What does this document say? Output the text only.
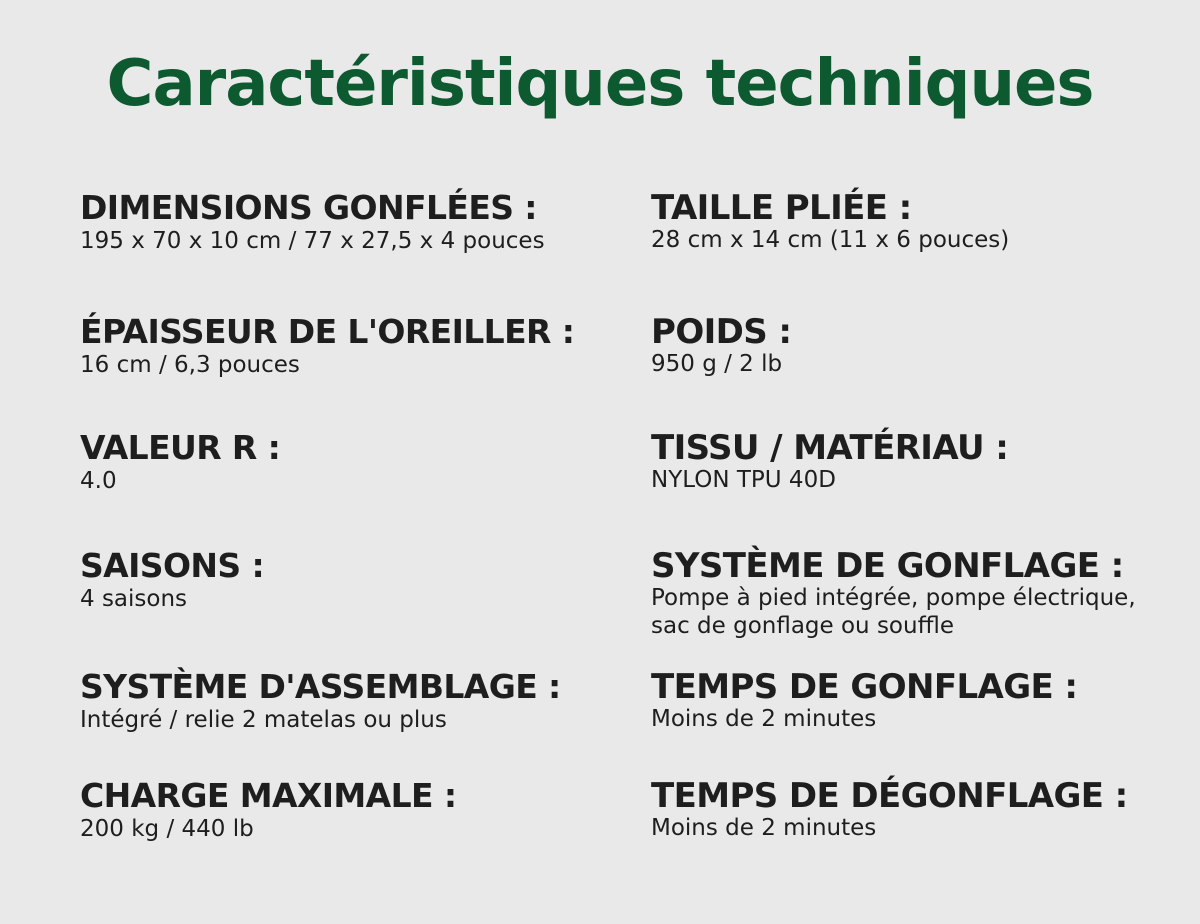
Caractéristiques techniques
DIMENSIONS GONFLÉES :
195 x 70 x 10 cm / 77 x 27,5 x 4 pouces
ÉPAISSEUR DE L'OREILLER :
16 cm / 6,3 pouces
VALEUR R :
4.0
SAISONS :
4 saisons
SYSTÈME D'ASSEMBLAGE :
Intégré / relie 2 matelas ou plus
CHARGE MAXIMALE :
200 kg / 440 lb
TAILLE PLIÉE :
28 cm x 14 cm (11 x 6 pouces)
POIDS :
950 g / 2 lb
TISSU / MATÉRIAU :
NYLON TPU 40D
SYSTÈME DE GONFLAGE :
Pompe à pied intégrée, pompe électrique, sac de gonflage ou souffle
TEMPS DE GONFLAGE :
Moins de 2 minutes
TEMPS DE DÉGONFLAGE :
Moins de 2 minutes
